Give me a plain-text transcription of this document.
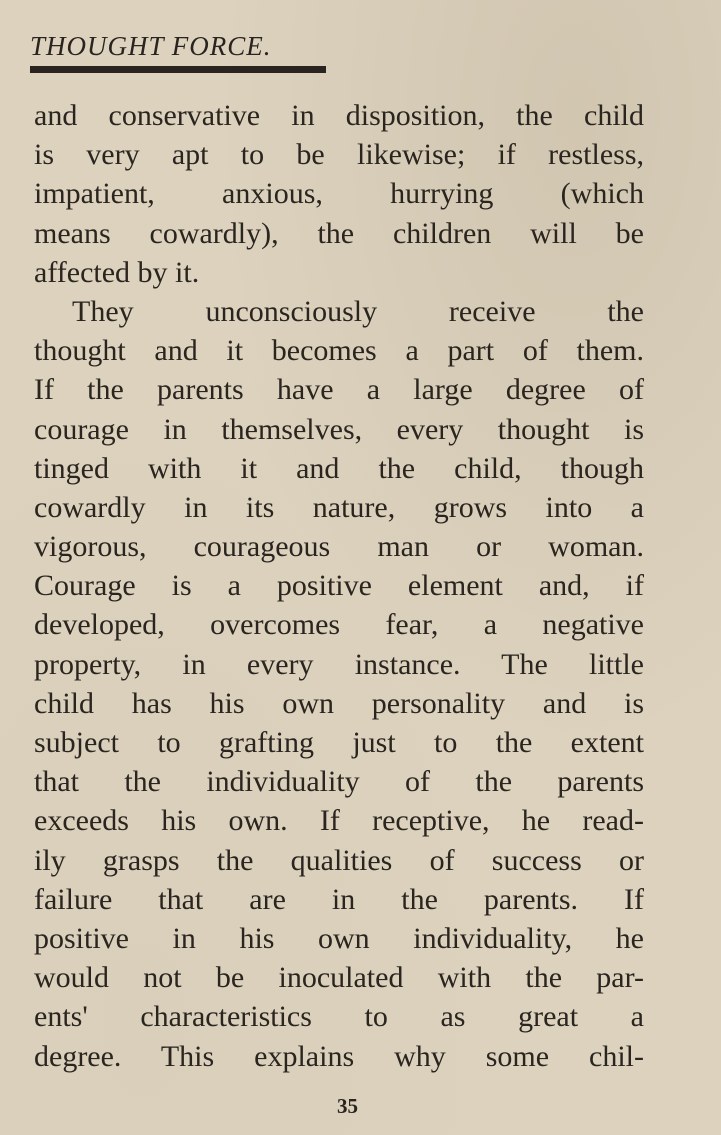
THOUGHT FORCE.
and conservative in disposition, the child
is very apt to be likewise; if restless,
impatient, anxious, hurrying (which
means cowardly), the children will be
affected by it.
They unconsciously receive the
thought and it becomes a part of them.
If the parents have a large degree of
courage in themselves, every thought is
tinged with it and the child, though
cowardly in its nature, grows into a
vigorous, courageous man or woman.
Courage is a positive element and, if
developed, overcomes fear, a negative
property, in every instance. The little
child has his own personality and is
subject to grafting just to the extent
that the individuality of the parents
exceeds his own. If receptive, he read-
ily grasps the qualities of success or
failure that are in the parents. If
positive in his own individuality, he
would not be inoculated with the par-
ents' characteristics to as great a
degree. This explains why some chil-
35
